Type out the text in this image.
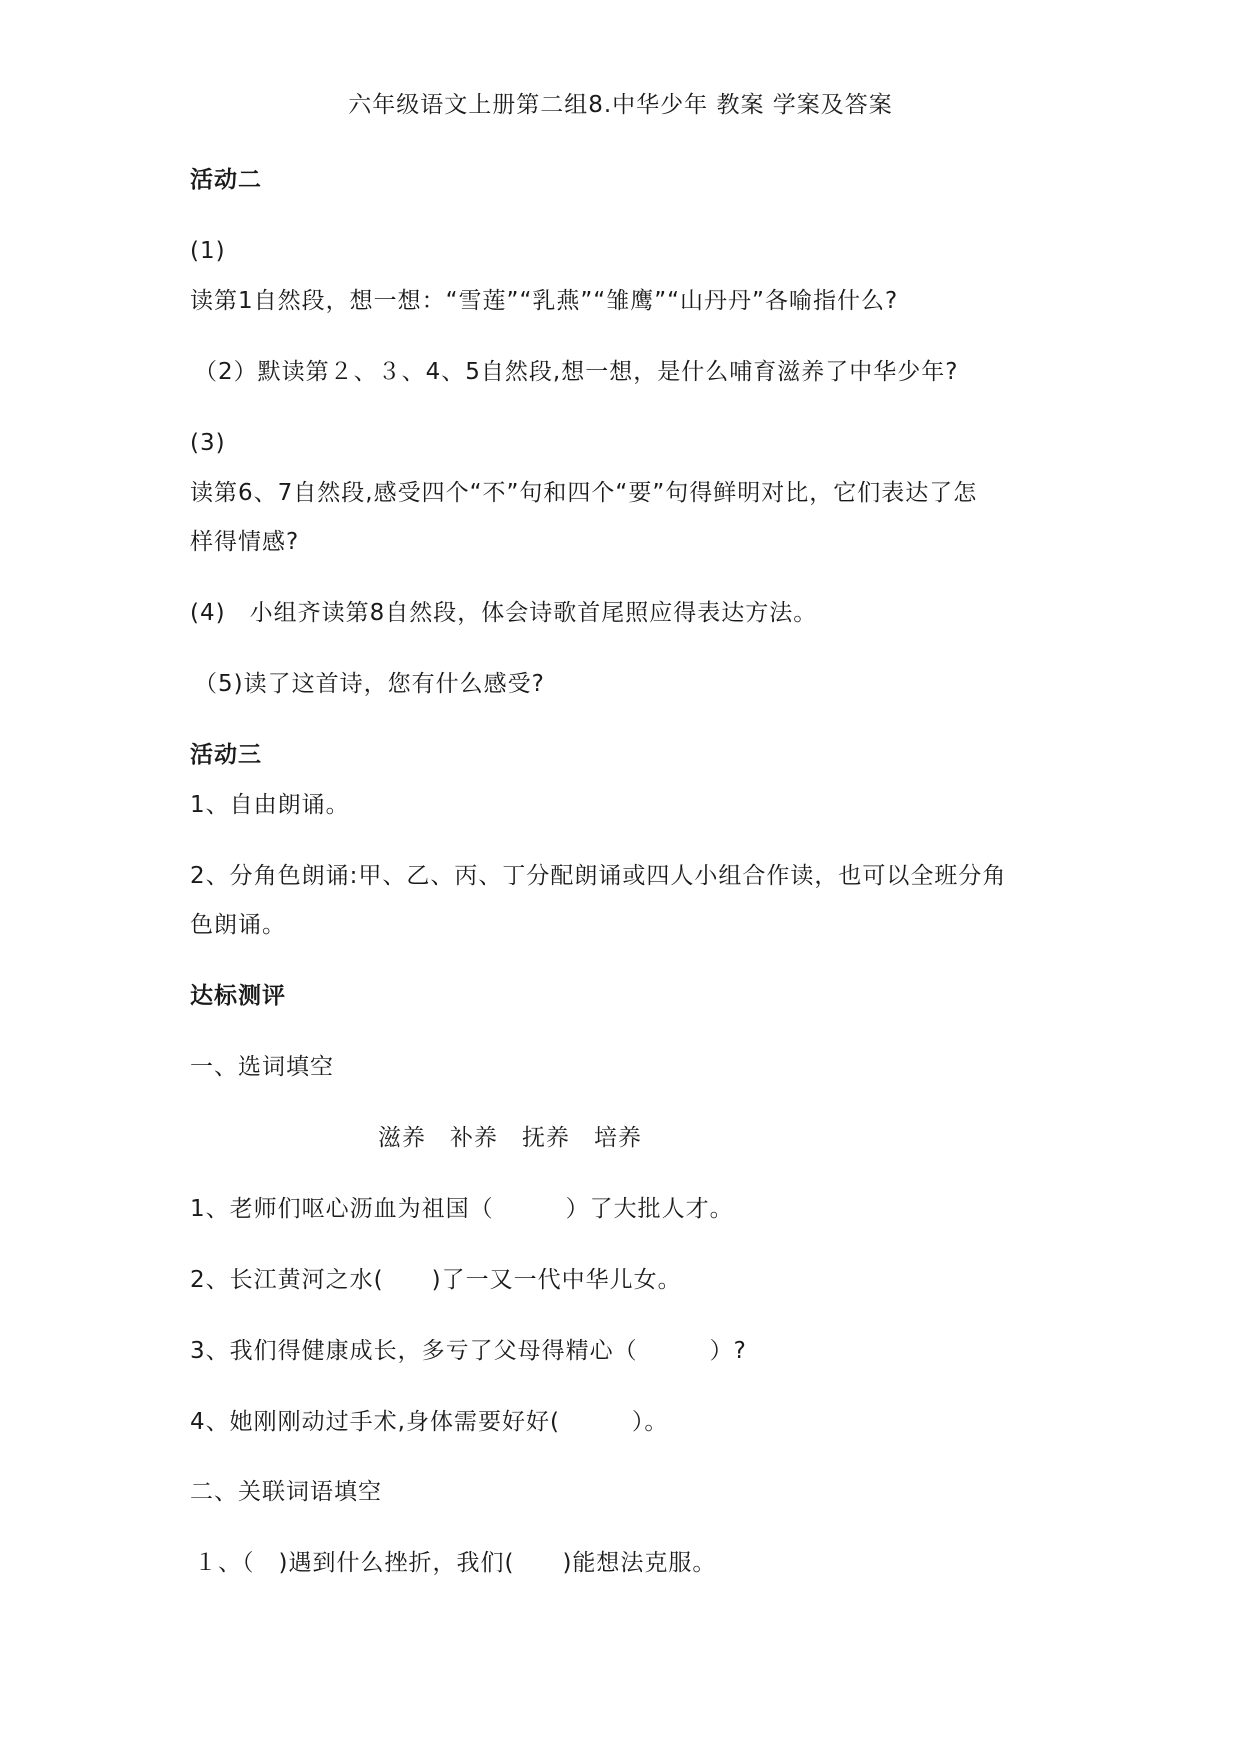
六年级语文上册第二组8.中华少年 教案 学案及答案

活动二

(1)

读第1自然段，想一想：“雪莲”“乳燕”“雏鹰”“山丹丹”各喻指什么?

（2）默读第２、３、4、5自然段,想一想，是什么哺育滋养了中华少年?

(3)

读第6、7自然段,感受四个“不”句和四个“要”句得鲜明对比，它们表达了怎

样得情感?

(4)　小组齐读第8自然段，体会诗歌首尾照应得表达方法。

（5)读了这首诗，您有什么感受?

活动三

1、自由朗诵。

2、分角色朗诵:甲、乙、丙、丁分配朗诵或四人小组合作读，也可以全班分角

色朗诵。

达标测评

一、选词填空

滋养　补养　抚养　培养

1、老师们呕心沥血为祖国（　　　）了大批人才。

2、长江黄河之水(　　)了一又一代中华儿女。

3、我们得健康成长，多亏了父母得精心（　　　）?

4、她刚刚动过手术,身体需要好好(　　　）。

二、关联词语填空

１、（　)遇到什么挫折，我们(　　)能想法克服。
